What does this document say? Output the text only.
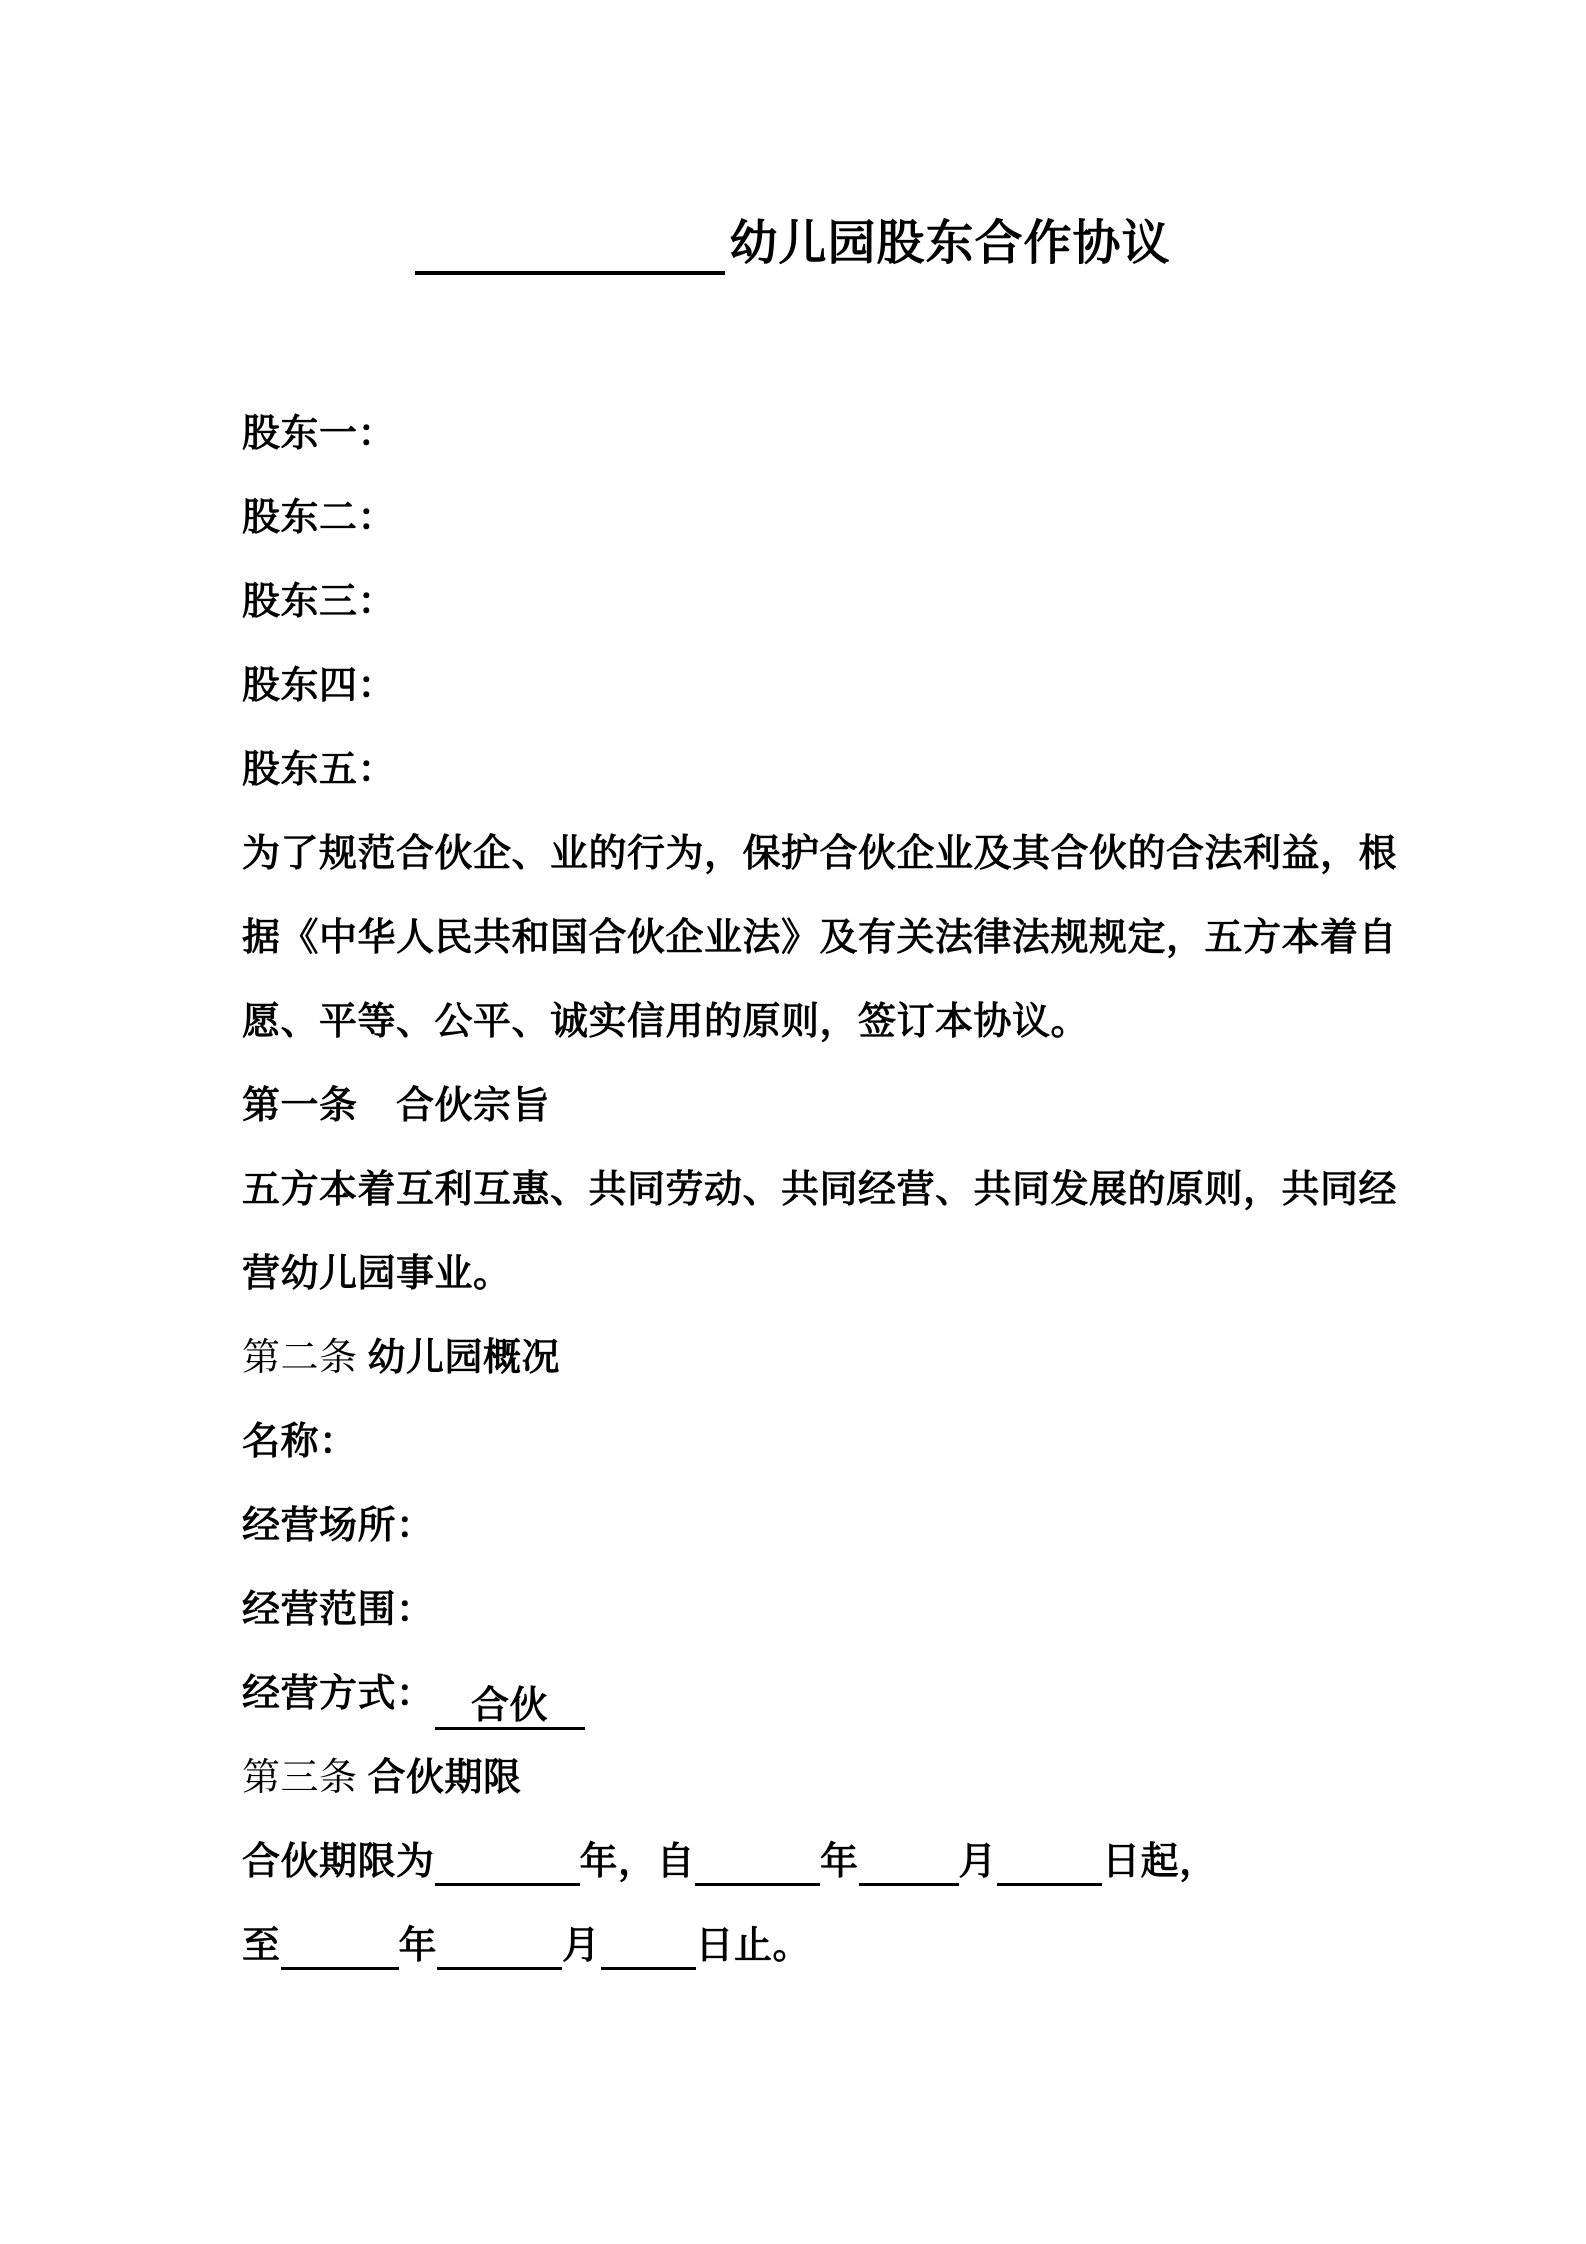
幼儿园股东合作协议
股东一：
股东二：
股东三：
股东四：
股东五：
为了规范合伙企、业的行为，保护合伙企业及其合伙的合法利益，根
据《中华人民共和国合伙企业法》及有关法律法规规定，五方本着自
愿、平等、公平、诚实信用的原则，签订本协议。
第一条　合伙宗旨
五方本着互利互惠、共同劳动、共同经营、共同发展的原则，共同经
营幼儿园事业。
第二条 幼儿园概况
名称：
经营场所：
经营范围：
经营方式： 合伙
第三条 合伙期限
合伙期限为	年，自	年	月	日起，
至	年	月	日止。
